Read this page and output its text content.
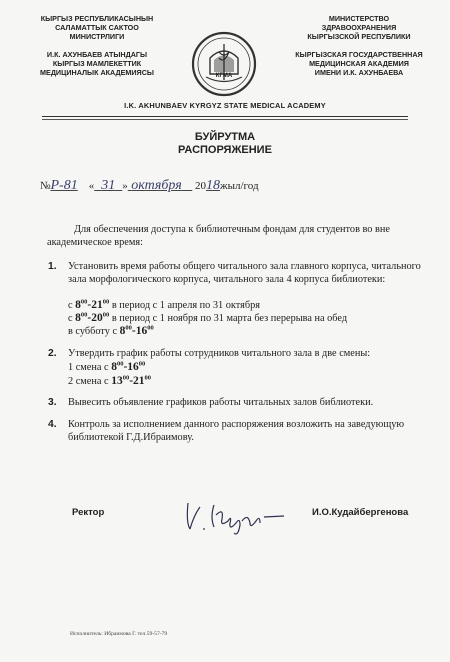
КЫРГЫЗ РЕСПУБЛИКАСЫНЫН
САЛАМАТТЫК САКТОО
МИНИСТРЛИГИ
И.К. АХУНБАЕВ АТЫНДАГЫ
КЫРГЫЗ МАМЛЕКЕТТИК
МЕДИЦИНАЛЫК АКАДЕМИЯСЫ	КГМА
МИНИСТЕРСТВО
ЗДРАВООХРАНЕНИЯ
КЫРГЫЗСКОЙ РЕСПУБЛИКИ
КЫРГЫЗСКАЯ ГОСУДАРСТВЕННАЯ
МЕДИЦИНСКАЯ АКАДЕМИЯ
ИМЕНИ И.К. АХУНБАЕВА
I.K. AKHUNBAEV KYRGYZ STATE MEDICAL ACADEMY
БУЙРУТМА
РАСПОРЯЖЕНИЕ
№Р-81 « 31 » октября 2018жыл/год
Для обеспечения доступа к библиотечным фондам для студентов во вне академическое время:
1. Установить время работы общего читального зала главного корпуса, читального зала морфологического корпуса, читального зала 4 корпуса библиотеки:
с $8^{00}-21^{00}$ в период с 1 апреля по 31 октября
с $8^{00}-20^{00}$ в период с 1 ноября по 31 марта без перерыва на обед
в субботу с $8^{00}-16^{00}$
2. Утвердить график работы сотрудников читального зала в две смены:
1 смена с $8^{00}-16^{00}$
2 смена с $13^{00}-21^{00}$
3. Вывесить объявление графиков работы читальных залов библиотеки.
4. Контроль за исполнением данного распоряжения возложить на заведующую библиотекой Г.Д.Ибраимову.
Ректор	И.О.Кудайбергенова
Исполнитель: Ибраимова Г. тел.59-57-79
